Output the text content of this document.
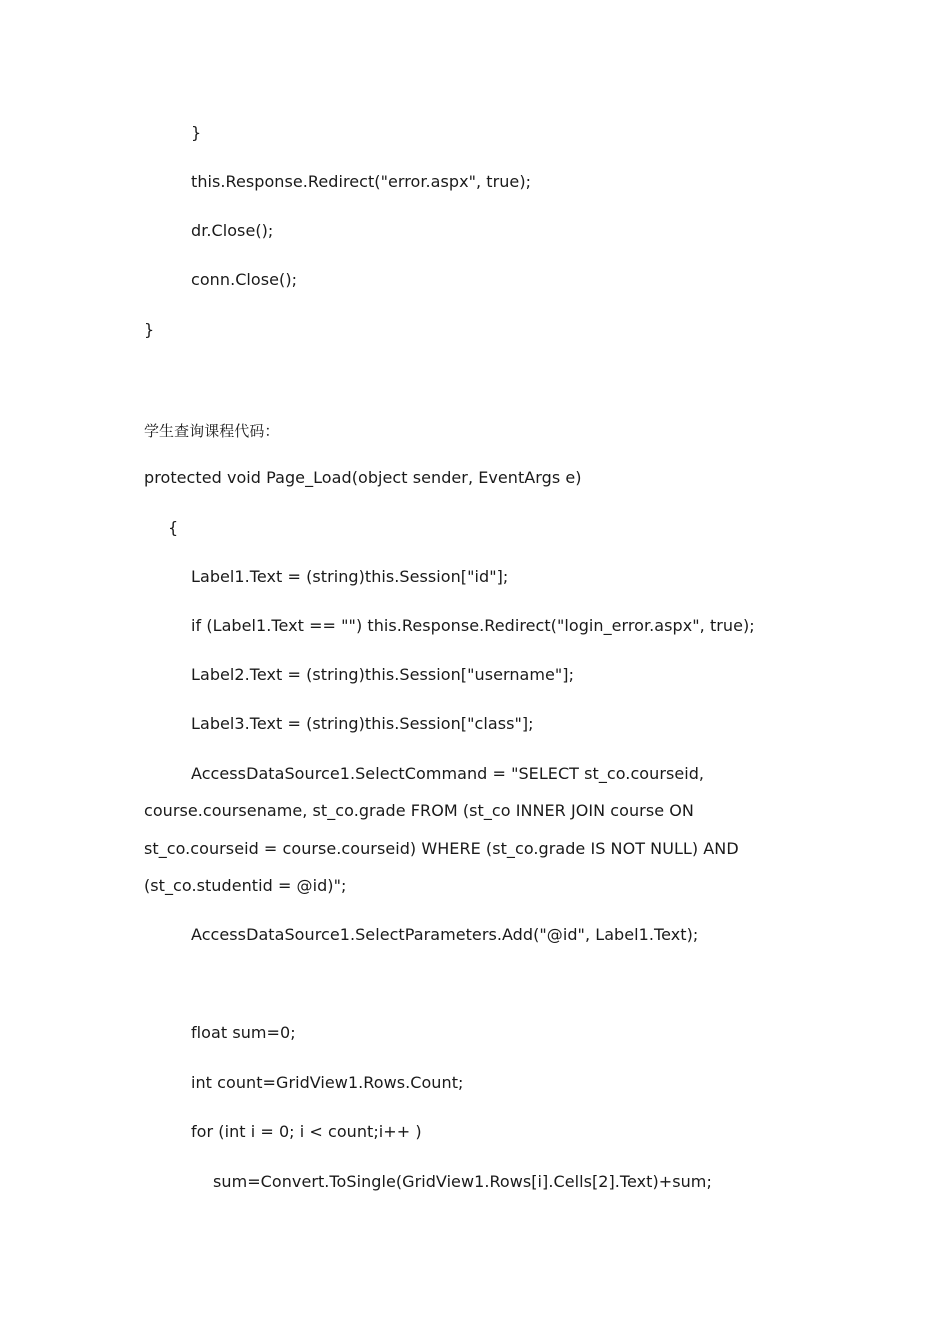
}
this.Response.Redirect("error.aspx", true);
dr.Close();
conn.Close();
}
学生查询课程代码：
protected void Page_Load(object sender, EventArgs e)
{
Label1.Text = (string)this.Session["id"];
if (Label1.Text == "") this.Response.Redirect("login_error.aspx", true);
Label2.Text = (string)this.Session["username"];
Label3.Text = (string)this.Session["class"];
AccessDataSource1.SelectCommand = "SELECT st_co.courseid,
course.coursename, st_co.grade FROM (st_co INNER JOIN course ON
st_co.courseid = course.courseid) WHERE (st_co.grade IS NOT NULL) AND
(st_co.studentid = @id)";
AccessDataSource1.SelectParameters.Add("@id", Label1.Text);
float sum=0;
int count=GridView1.Rows.Count;
for (int i = 0; i < count;i++ )
sum=Convert.ToSingle(GridView1.Rows[i].Cells[2].Text)+sum;
